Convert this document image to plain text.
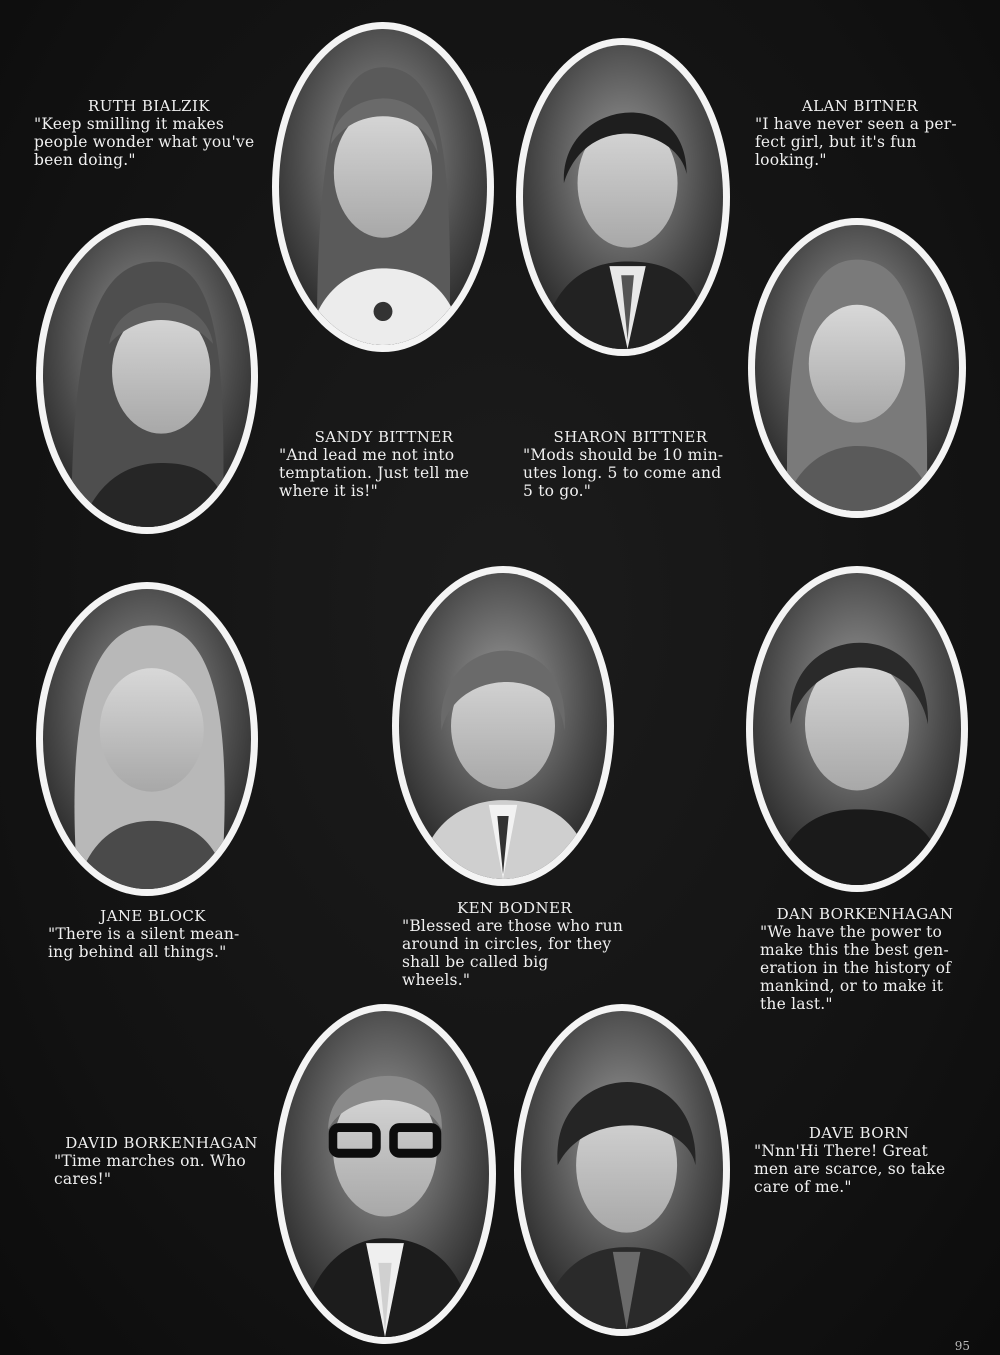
RUTH BIALZIK
"Keep smilling it makes
people wonder what you've
been doing."
ALAN BITNER
"I have never seen a per-
fect girl, but it's fun
looking."
SANDY BITTNER
"And lead me not into
temptation. Just tell me
where it is!"
SHARON BITTNER
"Mods should be 10 min-
utes long. 5 to come and
5 to go."
JANE BLOCK
"There is a silent mean-
ing behind all things."
KEN BODNER
"Blessed are those who run
around in circles, for they
shall be called big
wheels."
DAN BORKENHAGAN
"We have the power to
make this the best gen-
eration in the history of
mankind, or to make it
the last."
DAVID BORKENHAGAN
"Time marches on. Who
cares!"
DAVE BORN
"Nnn'Hi There! Great
men are scarce, so take
care of me."
95
